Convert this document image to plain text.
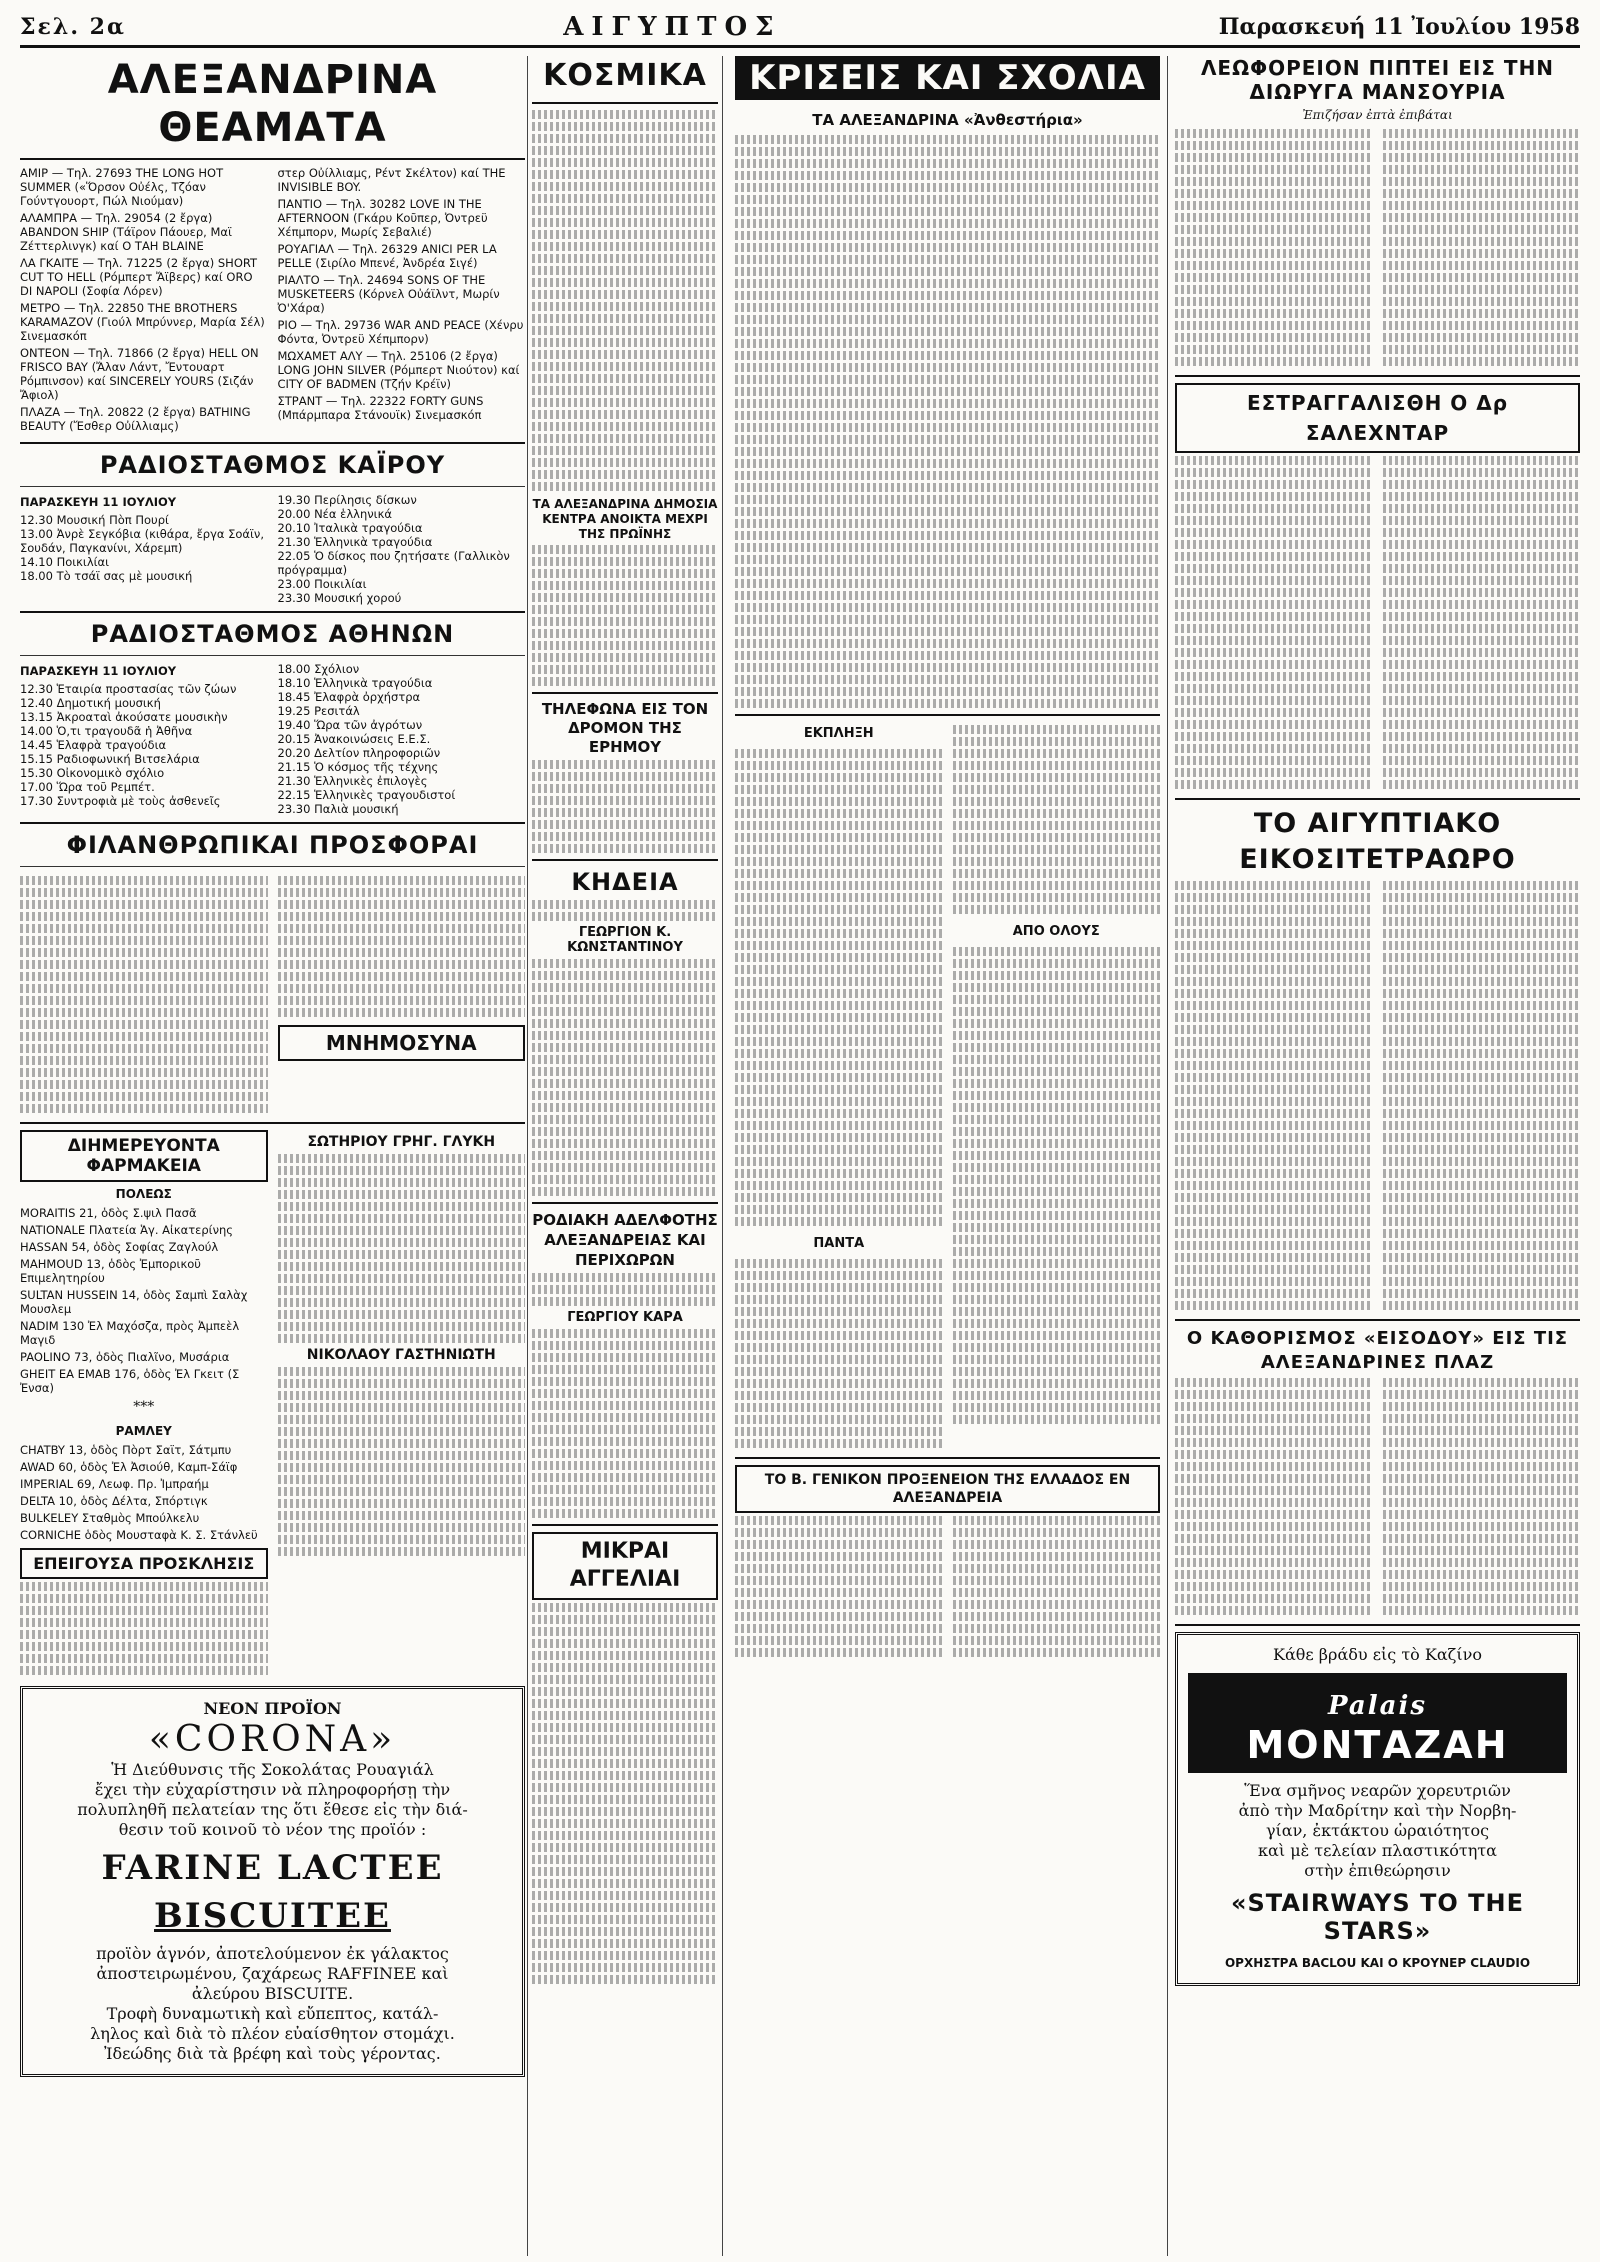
Σελ. 2α	ΑΙΓΥΠΤΟΣ	Παρασκευή 11 Ἰουλίου 1958
ΑΛΕΞΑΝΔΡΙΝΑ ΘΕΑΜΑΤΑ
ΑΜΙΡ — Τηλ. 27693 THE LONG HOT SUMMER («Ὅρσον Οὐέλς, Τζόαν Γούντγουορτ, Πώλ Νιούμαν)
ΑΛΑΜΠΡΑ — Τηλ. 29054 (2 ἔργα) ABANDON SHIP (Τάϊρον Πάουερ, Μαϊ Ζέττερλινγκ) καί Ο ΤΑΗ BLAINE
ΛΑ ΓΚΑΙΤΕ — Τηλ. 71225 (2 ἔργα) SHORT CUT TO HELL (Ρόμπερτ Ἄϊβερς) καί ORO DI NAPOLI (Σοφία Λόρεν)
ΜΕΤΡΟ — Τηλ. 22850 THE BROTHERS KARAMAZOV (Γιούλ Μπρύννερ, Μαρία Σέλ) Σινεμασκόπ
ΟΝΤΕΟΝ — Τηλ. 71866 (2 ἔργα) HELL ON FRISCO BAY (Ἄλαν Λάντ, Ἔντουαρτ Ρόμπινσον) καί SINCERELY YOURS (Σιζάν Ἄφιολ)
ΠΛΑΖΑ — Τηλ. 20822 (2 ἔργα) BATHING BEAUTY (Ἔσθερ Οὐίλλιαμς)
στερ Οὐίλλιαμς, Ρέντ Σκέλτον) καί THE INVISIBLE BOY.
ΠΑΝΤΙΟ — Τηλ. 30282 LOVE IN THE AFTERNOON (Γκάρυ Κοῦπερ, Ὀντρεϋ Χέπμπορν, Μωρίς Σεβαλιέ)
ΡΟΥΑΓΙΑΛ — Τηλ. 26329 ANICI PER LA PELLE (Σιρίλο Μπενέ, Ἀνδρέα Σιγέ)
ΡΙΑΛΤΟ — Τηλ. 24694 SONS OF THE MUSKETEERS (Κόρνελ Οὐάϊλντ, Μωρίν Ὀ'Χάρα)
ΡΙΟ — Τηλ. 29736 WAR AND PEACE (Χένρυ Φόντα, Ὀντρεϋ Χέπμπορν)
ΜΩΧΑΜΕΤ ΑΛΥ — Τηλ. 25106 (2 ἔργα) LONG JOHN SILVER (Ρόμπερτ Νιούτον) καί CITY OF BADMEN (Τζήν Κρέϊν)
ΣΤΡΑΝΤ — Τηλ. 22322 FORTY GUNS (Μπάρμπαρα Στάνουϊκ) Σινεμασκόπ
ΡΑΔΙΟΣΤΑΘΜΟΣ ΚΑΪΡΟΥ
ΠΑΡΑΣΚΕΥΗ 11 ΙΟΥΛΙΟΥ
12.30 Μουσική Πὸπ Πουρί
13.00 Ἀνρὲ Σεγκόβια (κιθάρα, ἔργα Σοάϊν, Σουδάν, Παγκανίνι, Χάρεμπ)
14.10 Ποικιλίαι
18.00 Τὸ τσάϊ σας μὲ μουσική
19.30 Περίλησις δίσκων
20.00 Νέα ἑλληνικά
20.10 Ἰταλικὰ τραγούδια
21.30 Ἑλληνικὰ τραγούδια
22.05 Ὁ δίσκος που ζητήσατε (Γαλλικὸν πρόγραμμα)
23.00 Ποικιλίαι
23.30 Μουσική χορού
ΡΑΔΙΟΣΤΑΘΜΟΣ ΑΘΗΝΩΝ
ΠΑΡΑΣΚΕΥΗ 11 ΙΟΥΛΙΟΥ
12.30 Ἑταιρία προστασίας τῶν ζώων
12.40 Δημοτική μουσική
13.15 Ἀκροαταὶ ἀκούσατε μουσικὴν
14.00 Ὁ,τι τραγουδᾶ ἡ Ἀθῆνα
14.45 Ἑλαφρὰ τραγούδια
15.15 Ραδιοφωνική Βιτσελάρια
15.30 Οἰκονομικὸ σχόλιο
17.00 Ὥρα τοῦ Ρεμπέτ.
17.30 Συντροφιὰ μὲ τοὺς ἀσθενεῖς
18.00 Σχόλιον
18.10 Ἑλληνικὰ τραγούδια
18.45 Ἐλαφρὰ ὀρχήστρα
19.25 Ρεσιτάλ
19.40 Ὥρα τῶν ἀγρότων
20.15 Ἀνακοινώσεις Ε.Ε.Σ.
20.20 Δελτίον πληροφοριῶν
21.15 Ὁ κόσμος τῆς τέχνης
21.30 Ἑλληνικὲς ἐπιλογὲς
22.15 Ἑλληνικὲς τραγουδιστοί
23.30 Παλιὰ μουσική
ΦΙΛΑΝΘΡΩΠΙΚΑΙ ΠΡΟΣΦΟΡΑΙ
ΜΝΗΜΟΣΥΝΑ
ΔΙΗΜΕΡΕΥΟΝΤΑ ΦΑΡΜΑΚΕΙΑ
ΠΟΛΕΩΣ
MORAITIS 21, ὁδὸς Σ.ψιλ Πασᾶ
NATIONALE Πλατεία Ἁγ. Αἰκατερίνης
HASSAN 54, ὁδὸς Σοφίας Ζαγλούλ
MAHMOUD 13, ὁδὸς Ἐμπορικοῦ Επιμελητηρίου
SULTAN HUSSEIN 14, ὁδὸς Σαμπὶ Σαλὰχ Μουσλεμ
NADIM 130 Ἐλ Μαχόσζα, πρὸς Ἀμπεὲλ Μαγιδ
PAOLINO 73, ὁδὸς Πιαλῖνο, Μυσάρια
GHEIT EA EMAB 176, ὁδὸς Ἐλ Γκειτ (Σ Ἐνσα)
***
ΡΑΜΛΕΥ
CHATBY 13, ὁδὸς Πὸρτ Σαϊτ, Σάτμπυ
AWAD 60, ὁδὸς Ἐλ Ἀσιούθ, Καμπ-Σάϊφ
IMPERIAL 69, Λεωφ. Πρ. Ἰμπραήμ
DELTA 10, ὁδὸς Δέλτα, Σπόρτιγκ
BULKELEY Σταθμὸς Μπούλκελυ
CORNICHE ὁδὸς Μουσταφὰ Κ. Σ. Στάνλεϋ
ΕΠΕΙΓΟΥΣΑ ΠΡΟΣΚΛΗΣΙΣ
ΣΩΤΗΡΙΟΥ ΓΡΗΓ. ΓΛΥΚΗ
ΝΙΚΟΛΑΟΥ ΓΑΣΤΗΝΙΩΤΗ
ΝΕΟΝ ΠΡΟΪΟΝ
«CORONA»
Ἡ Διεύθυνσις τῆς Σοκολάτας Ρουαγιάλ
ἔχει τὴν εὐχαρίστησιν νὰ πληροφορήσῃ τὴν
πολυπληθῆ πελατείαν της ὅτι ἔθεσε εἰς τὴν διά-
θεσιν τοῦ κοινοῦ τὸ νέον της προϊόν :
FARINE LACTEE
BISCUITEE
προϊὸν ἁγνόν, ἀποτελούμενον ἐκ γάλακτος
ἀποστειρωμένου, ζαχάρεως RAFFINEE καὶ
ἀλεύρου BISCUITE.
Τροφὴ δυναμωτικὴ καὶ εὔπεπτος, κατάλ-
ληλος καὶ διὰ τὸ πλέον εὐαίσθητον στομάχι.
Ἰδεώδης διὰ τὰ βρέφη καὶ τοὺς γέροντας.
ΚΟΣΜΙΚΑ
ΤΑ ΑΛΕΞΑΝΔΡΙΝΑ ΔΗΜΟΣΙΑ ΚΕΝΤΡΑ ΑΝΟΙΚΤΑ ΜΕΧΡΙ ΤΗΣ ΠΡΩΪΝΗΣ
ΤΗΛΕΦΩΝΑ ΕΙΣ ΤΟΝ ΔΡΟΜΟΝ ΤΗΣ ΕΡΗΜΟΥ
ΚΗΔΕΙΑ
ΓΕΩΡΓΙΟΝ Κ. ΚΩΝΣΤΑΝΤΙΝΟΥ
ΡΟΔΙΑΚΗ ΑΔΕΛΦΟΤΗΣ ΑΛΕΞΑΝΔΡΕΙΑΣ ΚΑΙ ΠΕΡΙΧΩΡΩΝ
ΓΕΩΡΓΙΟΥ ΚΑΡΑ
ΜΙΚΡΑΙ ΑΓΓΕΛΙΑΙ
ΚΡΙΣΕΙΣ ΚΑΙ ΣΧΟΛΙΑ
ΤΑ ΑΛΕΞΑΝΔΡΙΝΑ «Ἀνθεστήρια»
ΕΚΠΛΗΞΗ
ΠΑΝΤΑ
ΑΠΟ ΟΛΟΥΣ
ΤΟ Β. ΓΕΝΙΚΟΝ ΠΡΟΞΕΝΕΙΟΝ ΤΗΣ ΕΛΛΑΔΟΣ ΕΝ ΑΛΕΞΑΝΔΡΕΙΑ
ΛΕΩΦΟΡΕΙΟΝ ΠΙΠΤΕΙ ΕΙΣ ΤΗΝ ΔΙΩΡΥΓΑ ΜΑΝΣΟΥΡΙΑ
Ἐπιζήσαν ἐπτὰ ἐπιβάται
ΕΣΤΡΑΓΓΑΛΙΣΘΗ Ο Δρ ΣΑΛΕΧΝΤΑΡ
ΤΟ ΑΙΓΥΠΤΙΑΚΟ ΕΙΚΟΣΙΤΕΤΡΑΩΡΟ
Ο ΚΑΘΟΡΙΣΜΟΣ «ΕΙΣΟΔΟΥ» ΕΙΣ ΤΙΣ ΑΛΕΞΑΝΔΡΙΝΕΣ ΠΛΑΖ
Κάθε βράδυ εἰς τὸ Καζίνο
Palais ΜΟΝΤΑΖΑΗ
Ἕνα σμῆνος νεαρῶν χορευτριῶν
ἀπὸ τὴν Μαδρίτην καὶ τὴν Νορβη-
γίαν, ἐκτάκτου ὡραιότητος
καὶ μὲ τελείαν πλαστικότητα
στὴν ἐπιθεώρησιν
«STAIRWAYS TO THE STARS»
ΟΡΧΗΣΤΡΑ BACLOU ΚΑΙ Ο ΚΡΟΥΝΕΡ CLAUDIO
